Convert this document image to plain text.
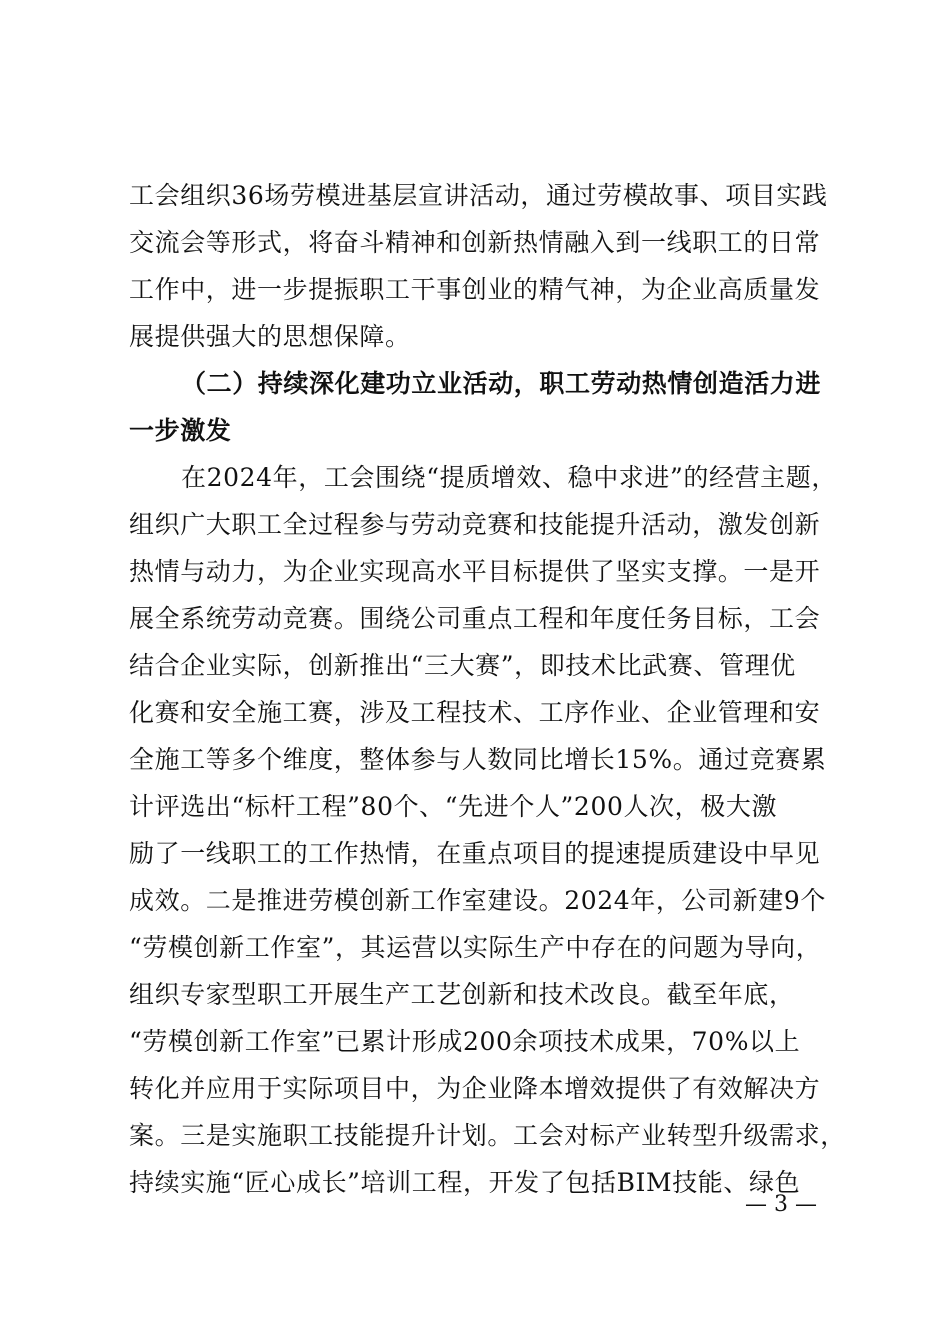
工会组织36场劳模进基层宣讲活动，通过劳模故事、项目实践
交流会等形式，将奋斗精神和创新热情融入到一线职工的日常
工作中，进一步提振职工干事创业的精气神，为企业高质量发
展提供强大的思想保障。
（二）持续深化建功立业活动，职工劳动热情创造活力进
一步激发
在2024年，工会围绕“提质增效、稳中求进”的经营主题，
组织广大职工全过程参与劳动竞赛和技能提升活动，激发创新
热情与动力，为企业实现高水平目标提供了坚实支撑。一是开
展全系统劳动竞赛。围绕公司重点工程和年度任务目标，工会
结合企业实际，创新推出“三大赛”，即技术比武赛、管理优
化赛和安全施工赛，涉及工程技术、工序作业、企业管理和安
全施工等多个维度，整体参与人数同比增长15%。通过竞赛累
计评选出“标杆工程”80个、“先进个人”200人次，极大激
励了一线职工的工作热情，在重点项目的提速提质建设中早见
成效。二是推进劳模创新工作室建设。2024年，公司新建9个
“劳模创新工作室”，其运营以实际生产中存在的问题为导向，
组织专家型职工开展生产工艺创新和技术改良。截至年底，
“劳模创新工作室”已累计形成200余项技术成果，70%以上
转化并应用于实际项目中，为企业降本增效提供了有效解决方
案。三是实施职工技能提升计划。工会对标产业转型升级需求，
持续实施“匠心成长”培训工程，开发了包括BIM技能、绿色
— 3 —
